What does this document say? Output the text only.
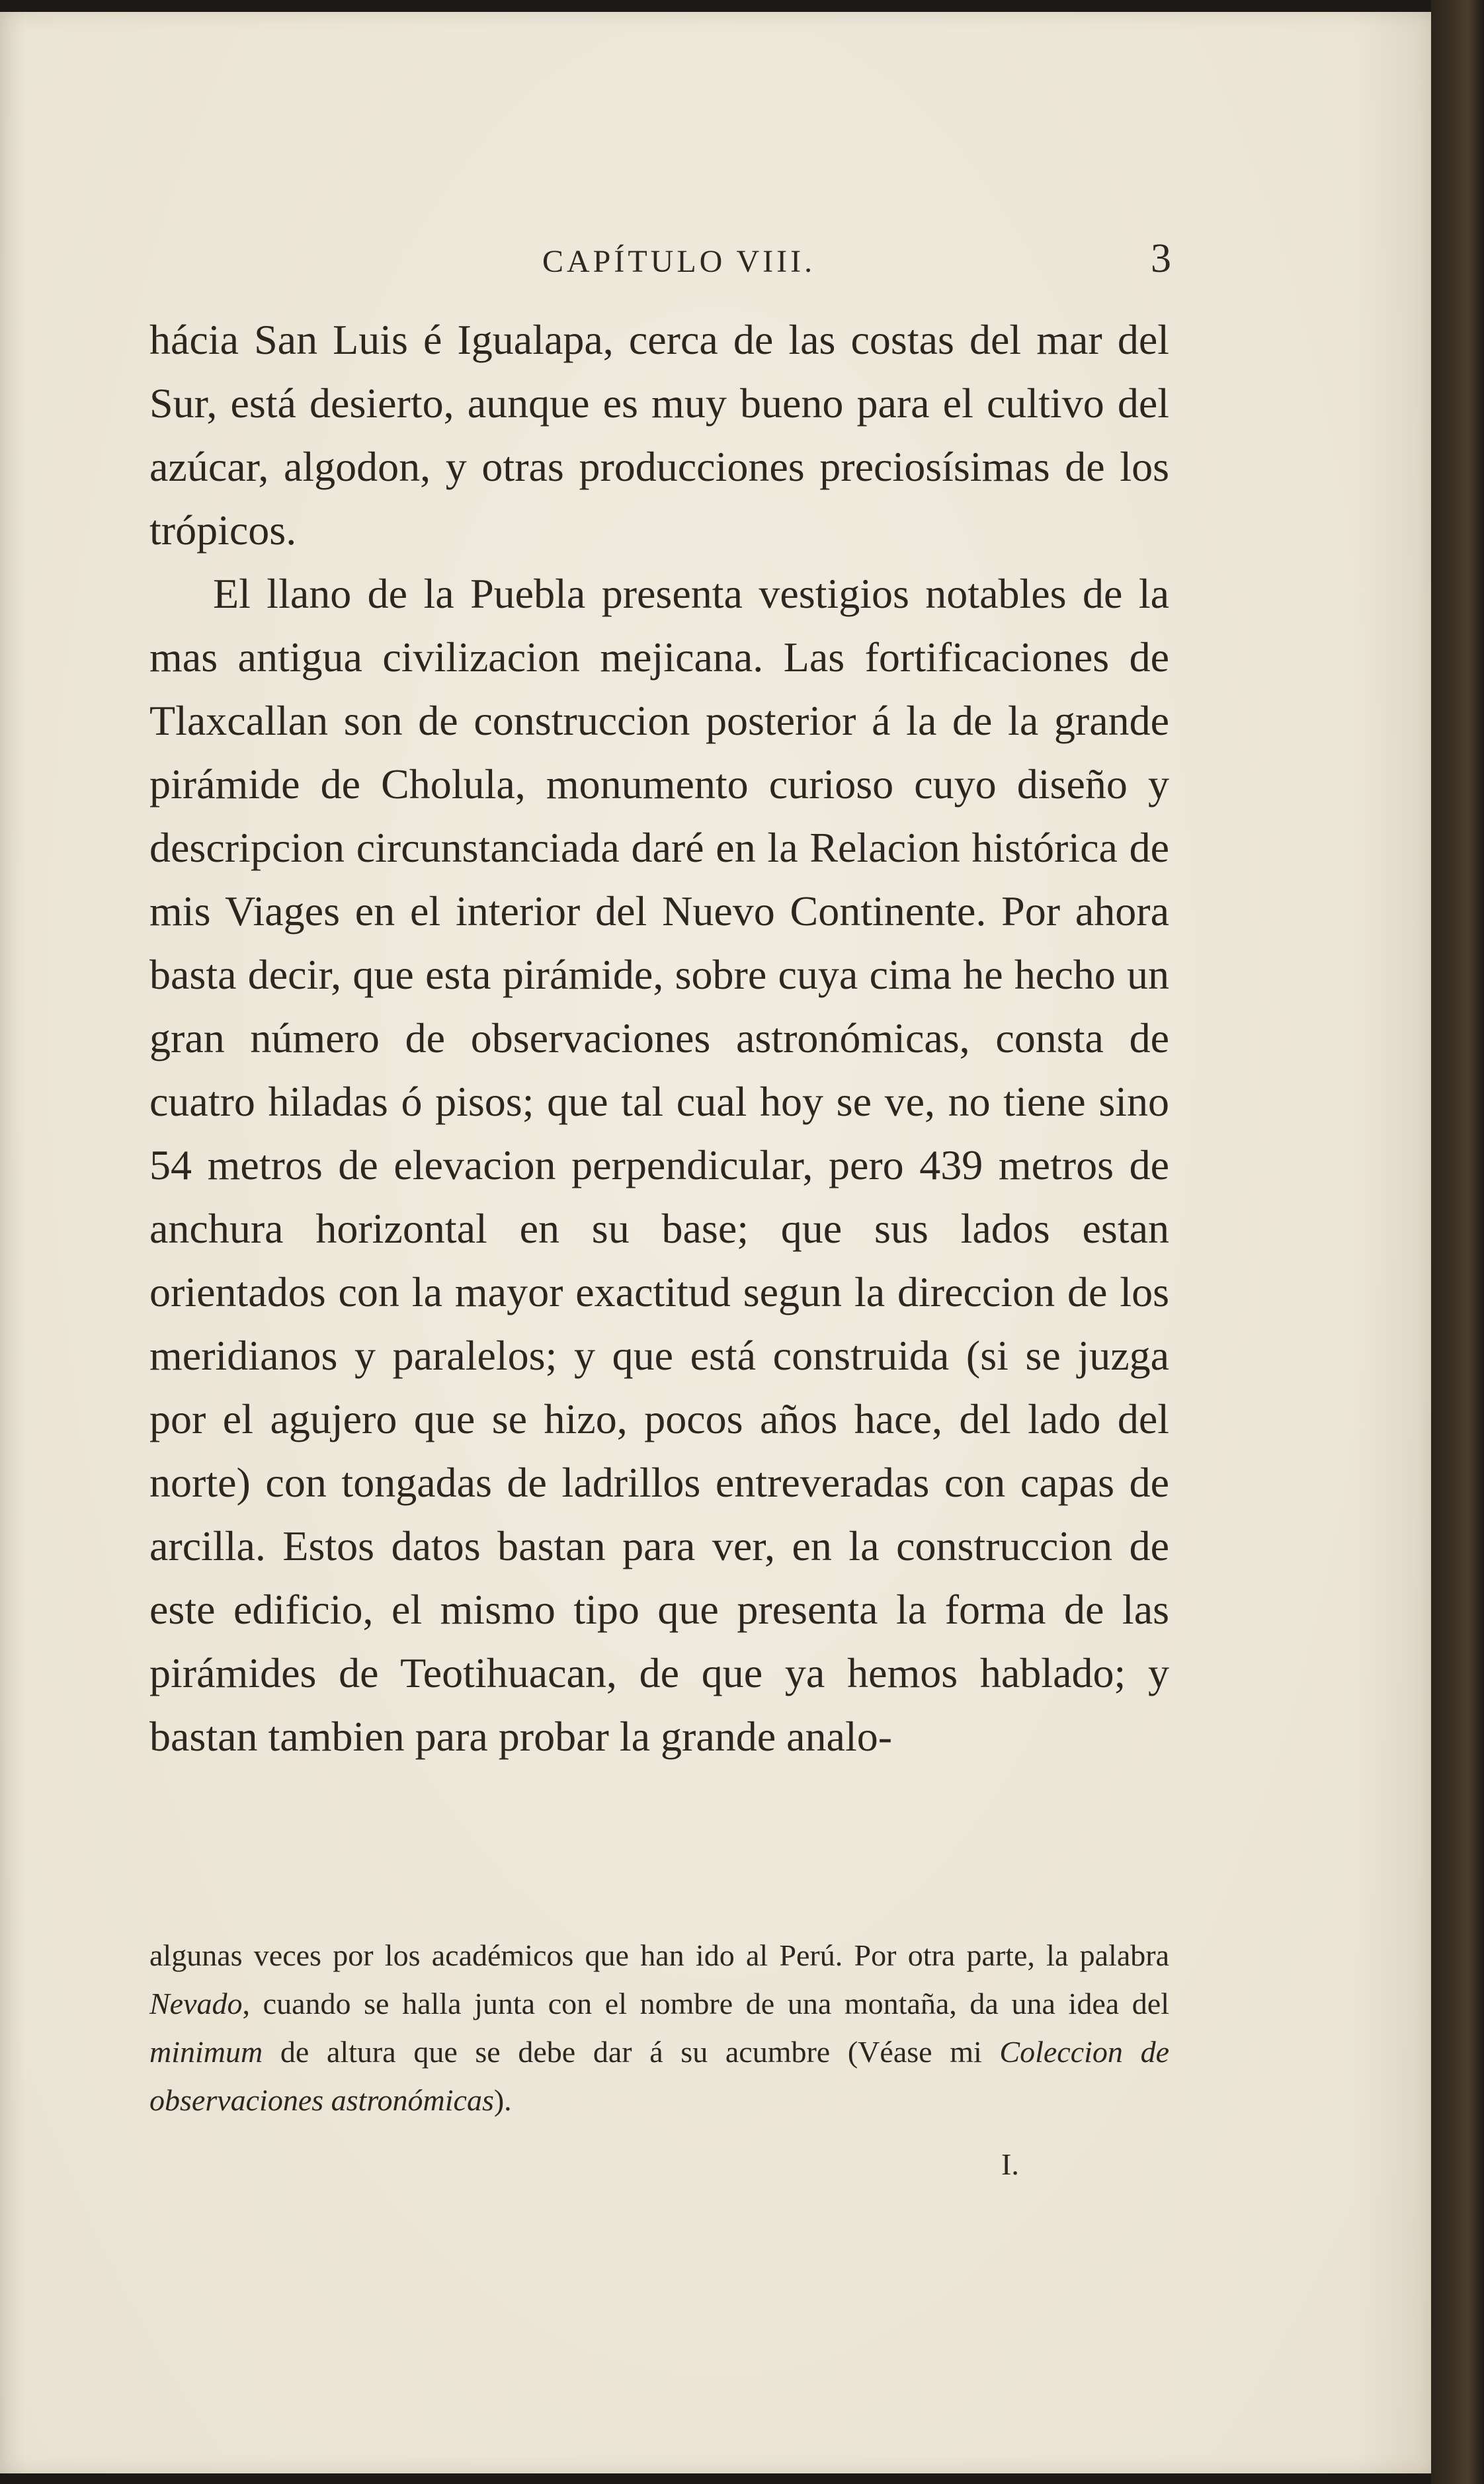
CAPÍTULO VIII.	3

hácia San Luis é Igualapa, cerca de las costas del mar del Sur, está desierto, aunque es muy bueno para el cultivo del azúcar, algodon, y otras producciones preciosísimas de los trópicos.

El llano de la Puebla presenta vestigios notables de la mas antigua civilizacion mejicana. Las fortificaciones de Tlaxcallan son de construccion posterior á la de la grande pirámide de Cholula, monumento curioso cuyo diseño y descripcion circunstanciada daré en la Relacion histórica de mis Viages en el interior del Nuevo Continente. Por ahora basta decir, que esta pirámide, sobre cuya cima he hecho un gran número de observaciones astronómicas, consta de cuatro hiladas ó pisos; que tal cual hoy se ve, no tiene sino 54 metros de elevacion perpendicular, pero 439 metros de anchura horizontal en su base; que sus lados estan orientados con la mayor exactitud segun la direccion de los meridianos y paralelos; y que está construida (si se juzga por el agujero que se hizo, pocos años hace, del lado del norte) con tongadas de ladrillos entreveradas con capas de arcilla. Estos datos bastan para ver, en la construccion de este edificio, el mismo tipo que presenta la forma de las pirámides de Teotihuacan, de que ya hemos hablado; y bastan tambien para probar la grande analo-

algunas veces por los académicos que han ido al Perú. Por otra parte, la palabra Nevado, cuando se halla junta con el nombre de una montaña, da una idea del minimum de altura que se debe dar á su acumbre (Véase mi Coleccion de observaciones astronómicas).
I.
